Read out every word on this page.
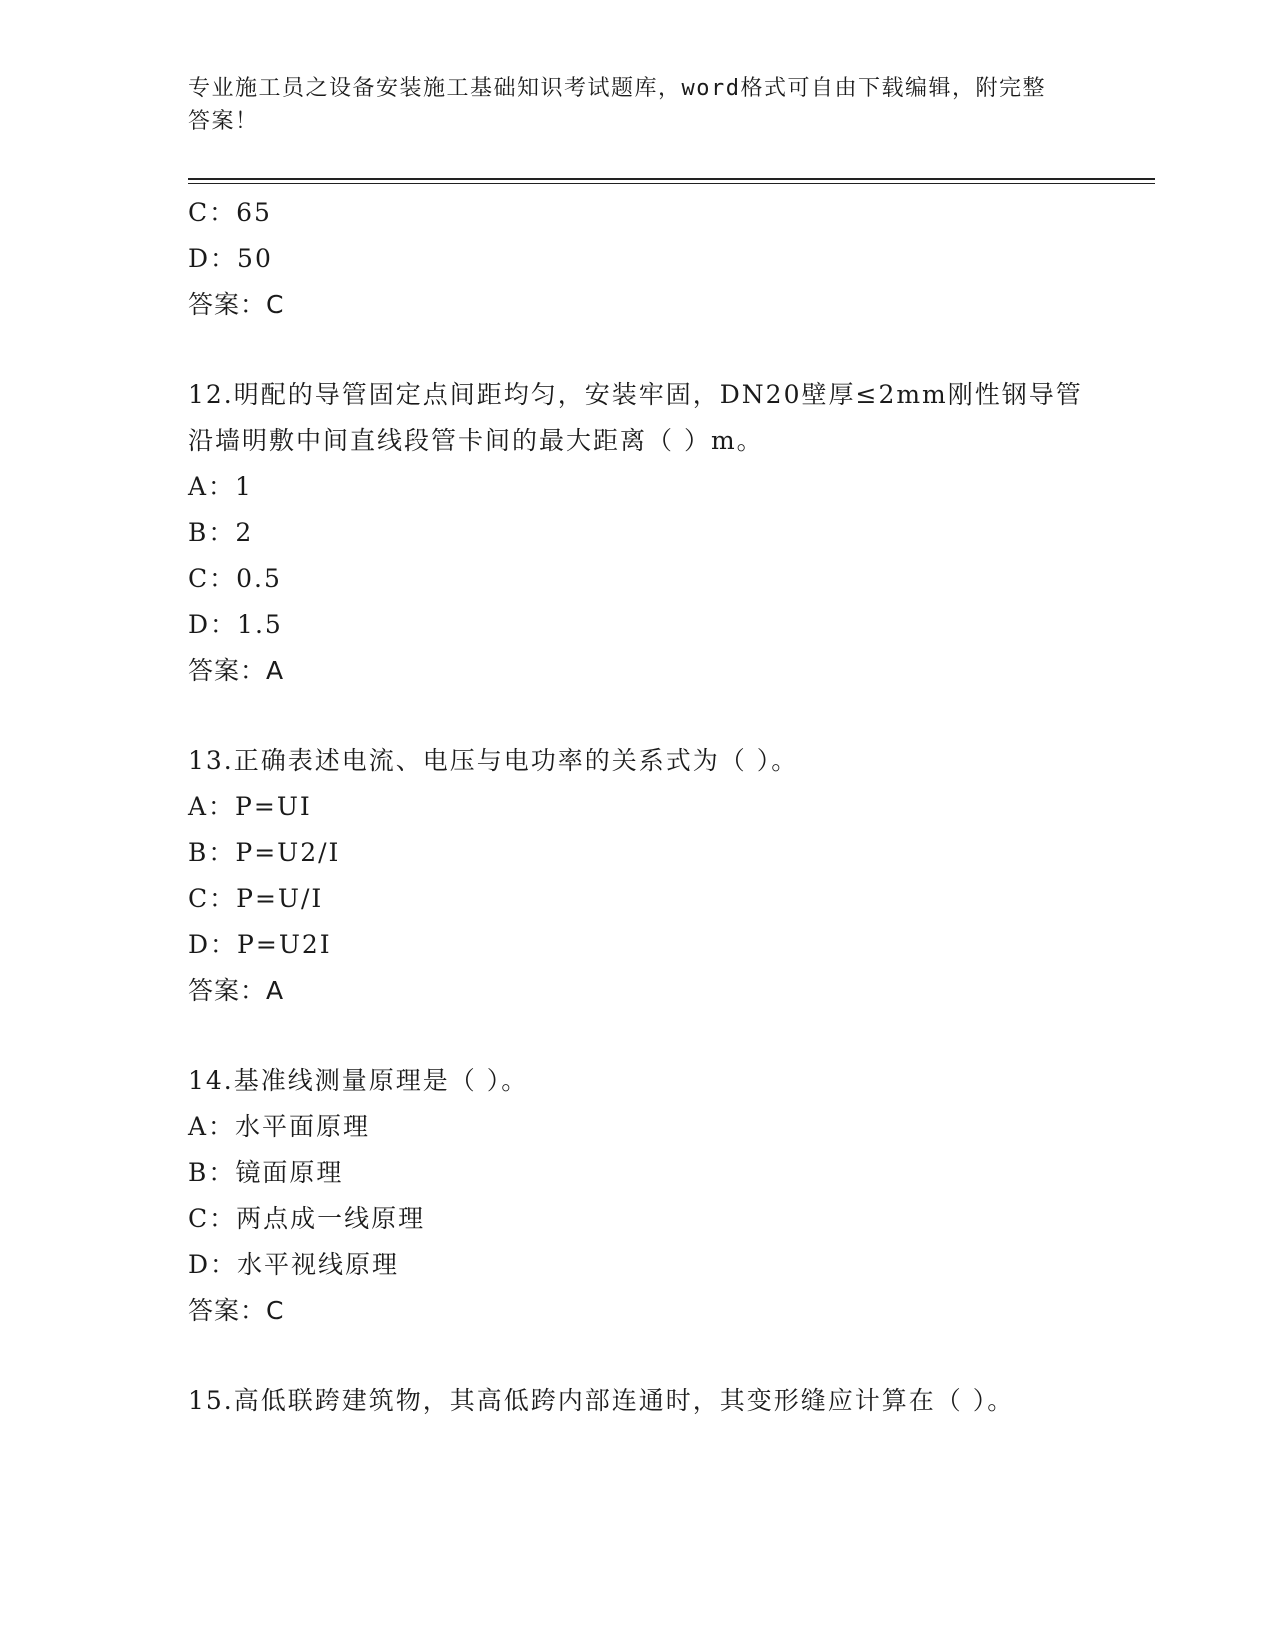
专业施工员之设备安装施工基础知识考试题库，word格式可自由下载编辑，附完整答案！
C：65
D：50
答案：C
12.明配的导管固定点间距均匀，安装牢固，DN20壁厚≤2mm刚性钢导管沿墙明敷中间直线段管卡间的最大距离（ ）m。
A：1
B：2
C：0.5
D：1.5
答案：A
13.正确表述电流、电压与电功率的关系式为（ ）。
A：P=UI
B：P=U2/I
C：P=U/I
D：P=U2I
答案：A
14.基准线测量原理是（ ）。
A：水平面原理
B：镜面原理
C：两点成一线原理
D：水平视线原理
答案：C
15.高低联跨建筑物，其高低跨内部连通时，其变形缝应计算在（ ）。
